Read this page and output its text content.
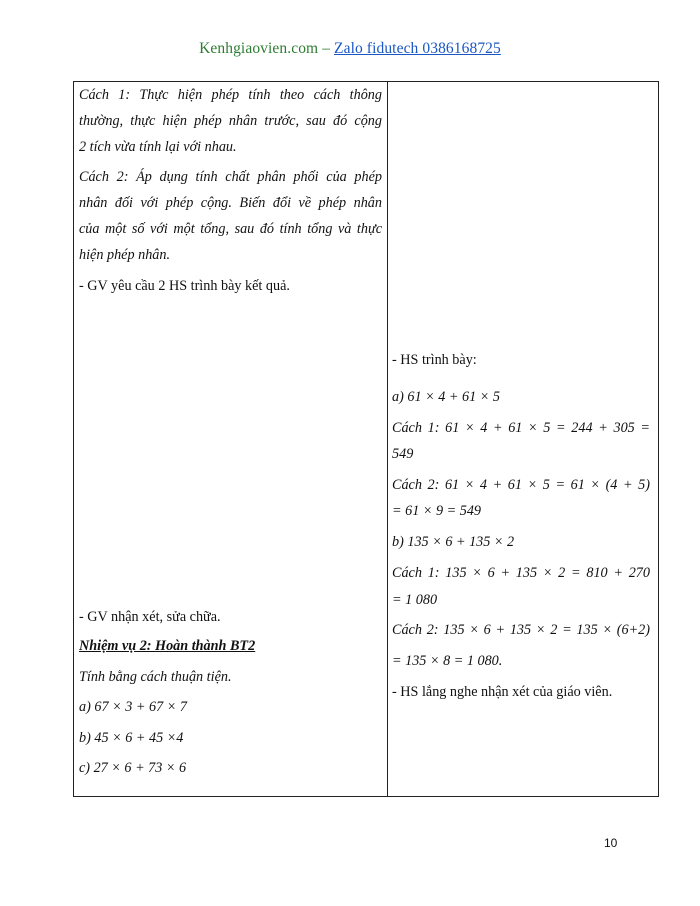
Kenhgiaovien.com – Zalo fidutech 0386168725
Cách 1: Thực hiện phép tính theo cách thông
thường, thực hiện phép nhân trước, sau đó cộng
2 tích vừa tính lại với nhau.
Cách 2: Áp dụng tính chất phân phối của phép
nhân đối với phép cộng. Biến đổi về phép nhân
của một số với một tổng, sau đó tính tổng và thực
hiện phép nhân.
- GV yêu cầu 2 HS trình bày kết quả.
- GV nhận xét, sửa chữa.
Nhiệm vụ 2: Hoàn thành BT2
Tính bằng cách thuận tiện.
a) 67 × 3 + 67 × 7
b) 45 × 6 + 45 ×4
c) 27 × 6 + 73 × 6
- HS trình bày:
a) 61 × 4 + 61 × 5
Cách 1: 61 × 4 + 61 × 5 = 244 + 305 =
549
Cách 2: 61 × 4 + 61 × 5 = 61 × (4 + 5)
= 61 × 9 = 549
b) 135 × 6 + 135 × 2
Cách 1: 135 × 6 + 135 × 2 = 810 + 270
= 1 080
Cách 2: 135 × 6 + 135 × 2 = 135 × (6+2)
= 135 × 8 = 1 080.
- HS lắng nghe nhận xét của giáo viên.
10
